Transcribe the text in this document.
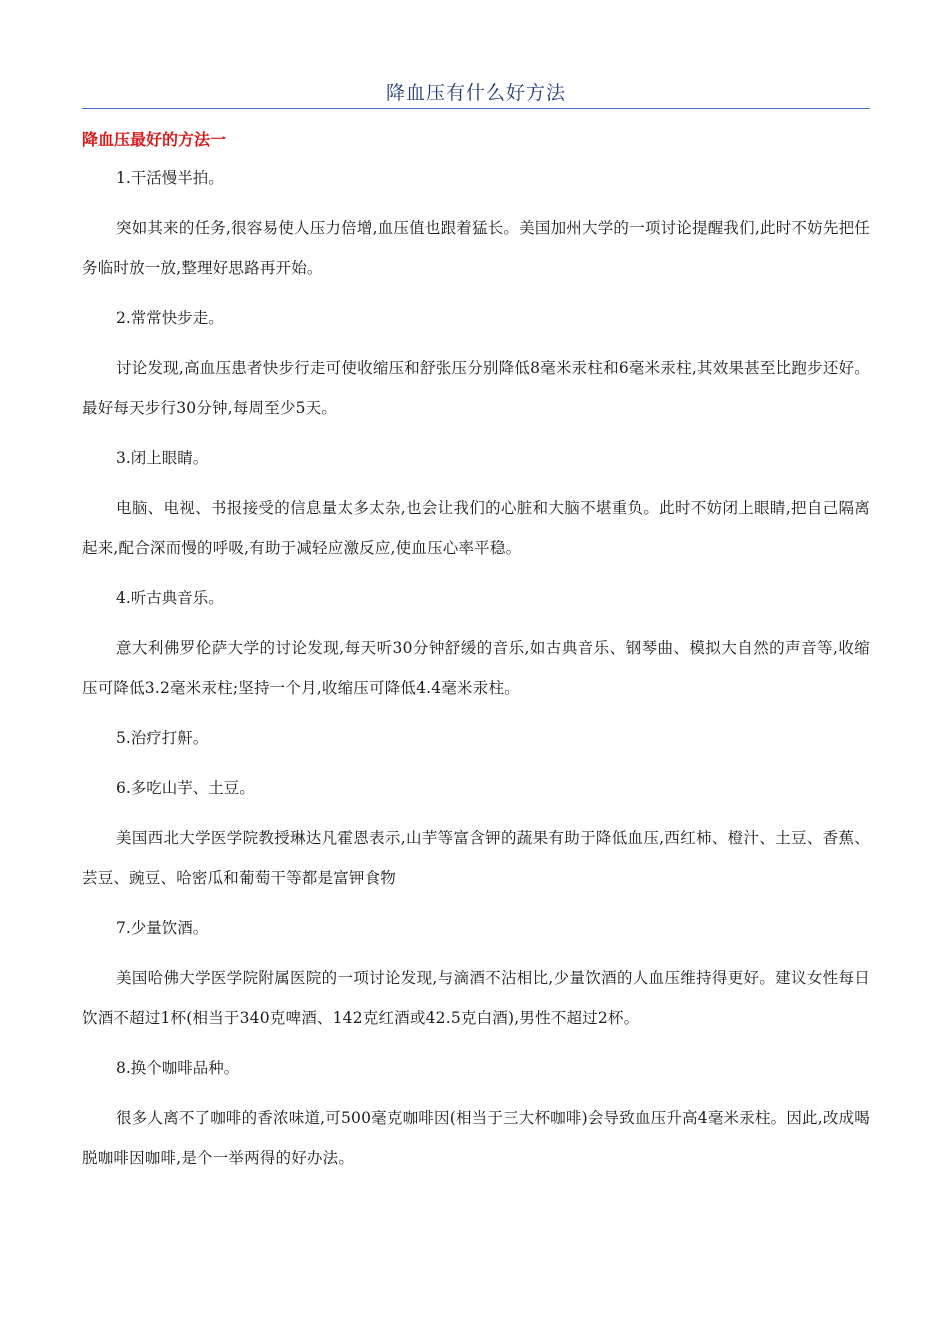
降血压有什么好方法
降血压最好的方法一

1.干活慢半拍。

突如其来的任务,很容易使人压力倍增,血压值也跟着猛长。美国加州大学的一项讨论提醒我们,此时不妨先把任务临时放一放,整理好思路再开始。

2.常常快步走。

讨论发现,高血压患者快步行走可使收缩压和舒张压分别降低8毫米汞柱和6毫米汞柱,其效果甚至比跑步还好。最好每天步行30分钟,每周至少5天。

3.闭上眼睛。

电脑、电视、书报接受的信息量太多太杂,也会让我们的心脏和大脑不堪重负。此时不妨闭上眼睛,把自己隔离起来,配合深而慢的呼吸,有助于减轻应激反应,使血压心率平稳。

4.听古典音乐。

意大利佛罗伦萨大学的讨论发现,每天听30分钟舒缓的音乐,如古典音乐、钢琴曲、模拟大自然的声音等,收缩压可降低3.2毫米汞柱;坚持一个月,收缩压可降低4.4毫米汞柱。

5.治疗打鼾。

6.多吃山芋、土豆。

美国西北大学医学院教授琳达凡霍恩表示,山芋等富含钾的蔬果有助于降低血压,西红柿、橙汁、土豆、香蕉、芸豆、豌豆、哈密瓜和葡萄干等都是富钾食物

7.少量饮酒。

美国哈佛大学医学院附属医院的一项讨论发现,与滴酒不沾相比,少量饮酒的人血压维持得更好。建议女性每日饮酒不超过1杯(相当于340克啤酒、142克红酒或42.5克白酒),男性不超过2杯。

8.换个咖啡品种。

很多人离不了咖啡的香浓味道,可500毫克咖啡因(相当于三大杯咖啡)会导致血压升高4毫米汞柱。因此,改成喝脱咖啡因咖啡,是个一举两得的好办法。
